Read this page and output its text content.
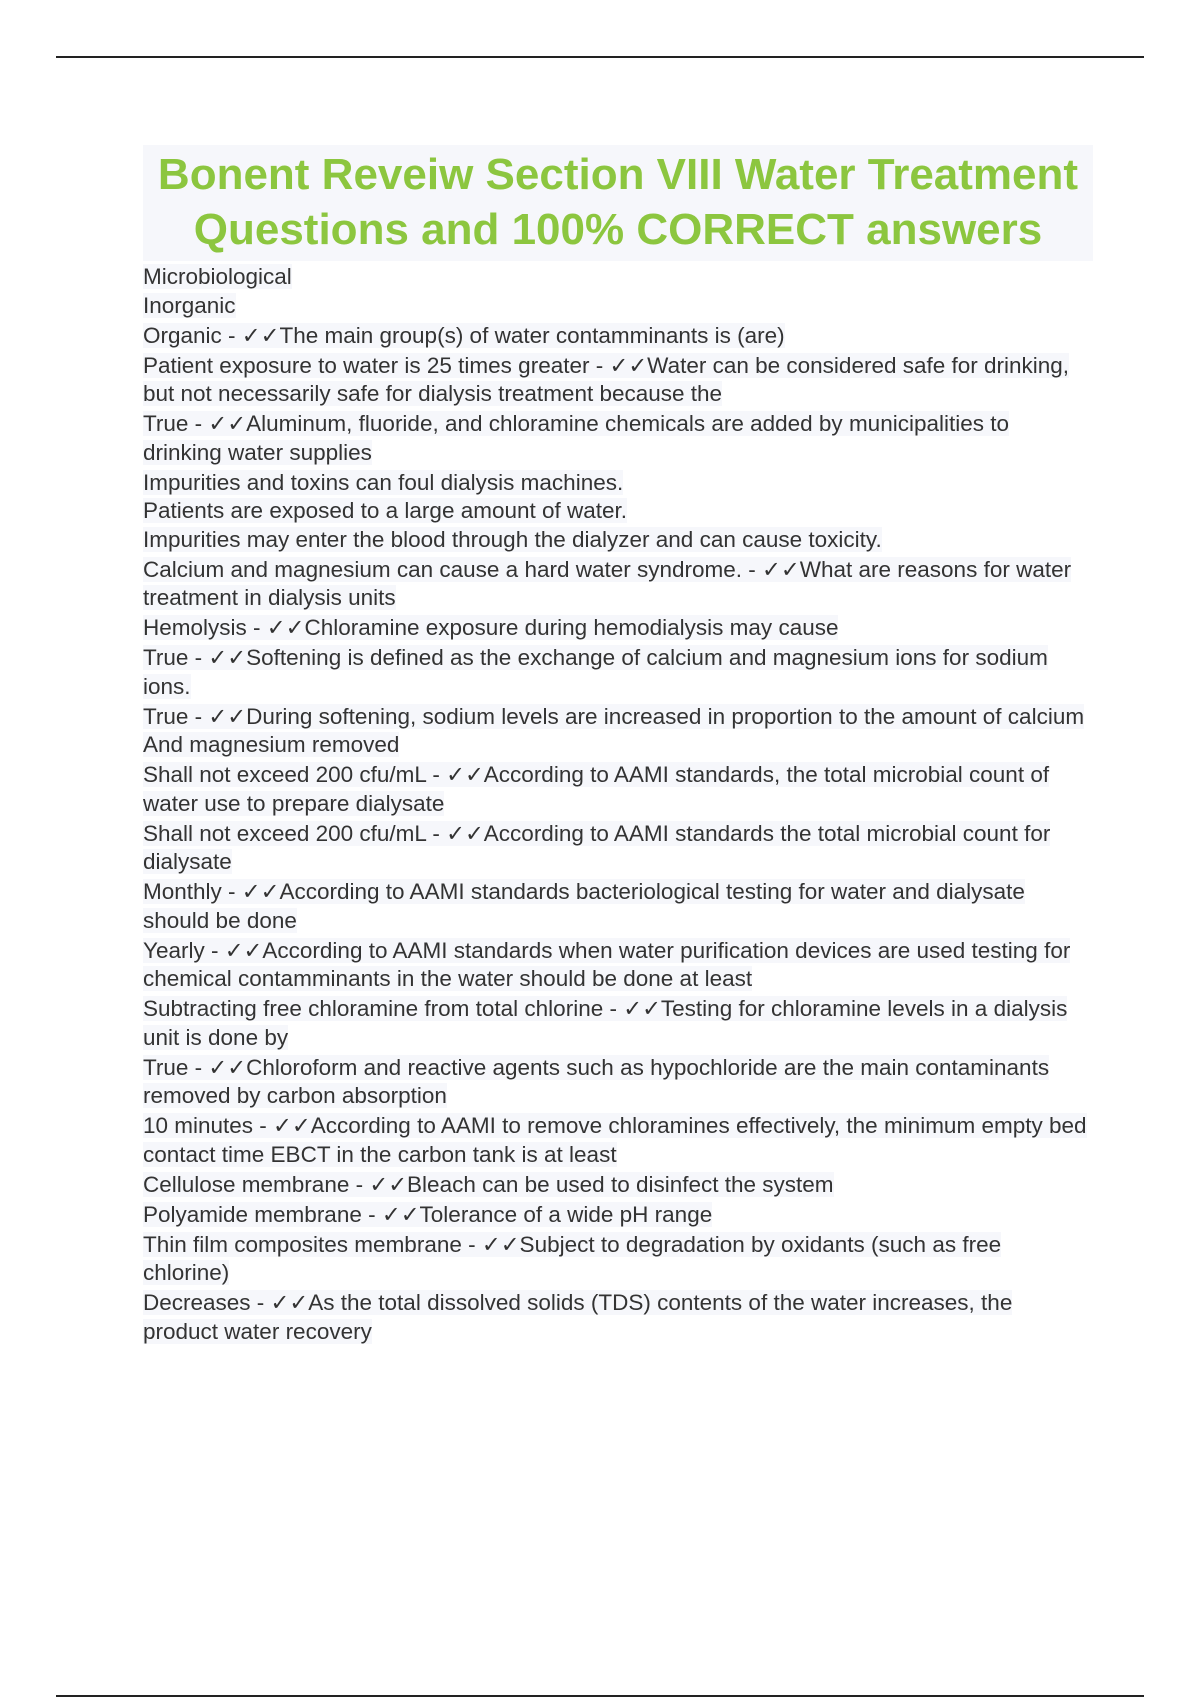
Bonent Reveiw Section VIII Water Treatment Questions and 100% CORRECT answers
Microbiological
Inorganic
Organic - ✓✓The main group(s) of water contamminants is (are)
Patient exposure to water is 25 times greater - ✓✓Water can be considered safe for drinking, but not necessarily safe for dialysis treatment because the
True - ✓✓Aluminum, fluoride, and chloramine chemicals are added by municipalities to drinking water supplies
Impurities and toxins can foul dialysis machines.
Patients are exposed to a large amount of water.
Impurities may enter the blood through the dialyzer and can cause toxicity.
Calcium and magnesium can cause a hard water syndrome. - ✓✓What are reasons for water treatment in dialysis units
Hemolysis - ✓✓Chloramine exposure during hemodialysis may cause
True - ✓✓Softening is defined as the exchange of calcium and magnesium ions for sodium ions.
True - ✓✓During softening, sodium levels are increased in proportion to the amount of calcium And magnesium removed
Shall not exceed 200 cfu/mL - ✓✓According to AAMI standards, the total microbial count of water use to prepare dialysate
Shall not exceed 200 cfu/mL - ✓✓According to AAMI standards the total microbial count for dialysate
Monthly - ✓✓According to AAMI standards bacteriological testing for water and dialysate should be done
Yearly - ✓✓According to AAMI standards when water purification devices are used testing for chemical contamminants in the water should be done at least
Subtracting free chloramine from total chlorine - ✓✓Testing for chloramine levels in a dialysis unit is done by
True - ✓✓Chloroform and reactive agents such as hypochloride are the main contaminants removed by carbon absorption
10 minutes - ✓✓According to AAMI to remove chloramines effectively, the minimum empty bed contact time EBCT in the carbon tank is at least
Cellulose membrane - ✓✓Bleach can be used to disinfect the system
Polyamide membrane - ✓✓Tolerance of a wide pH range
Thin film composites membrane - ✓✓Subject to degradation by oxidants (such as free chlorine)
Decreases - ✓✓As the total dissolved solids (TDS) contents of the water increases, the product water recovery
